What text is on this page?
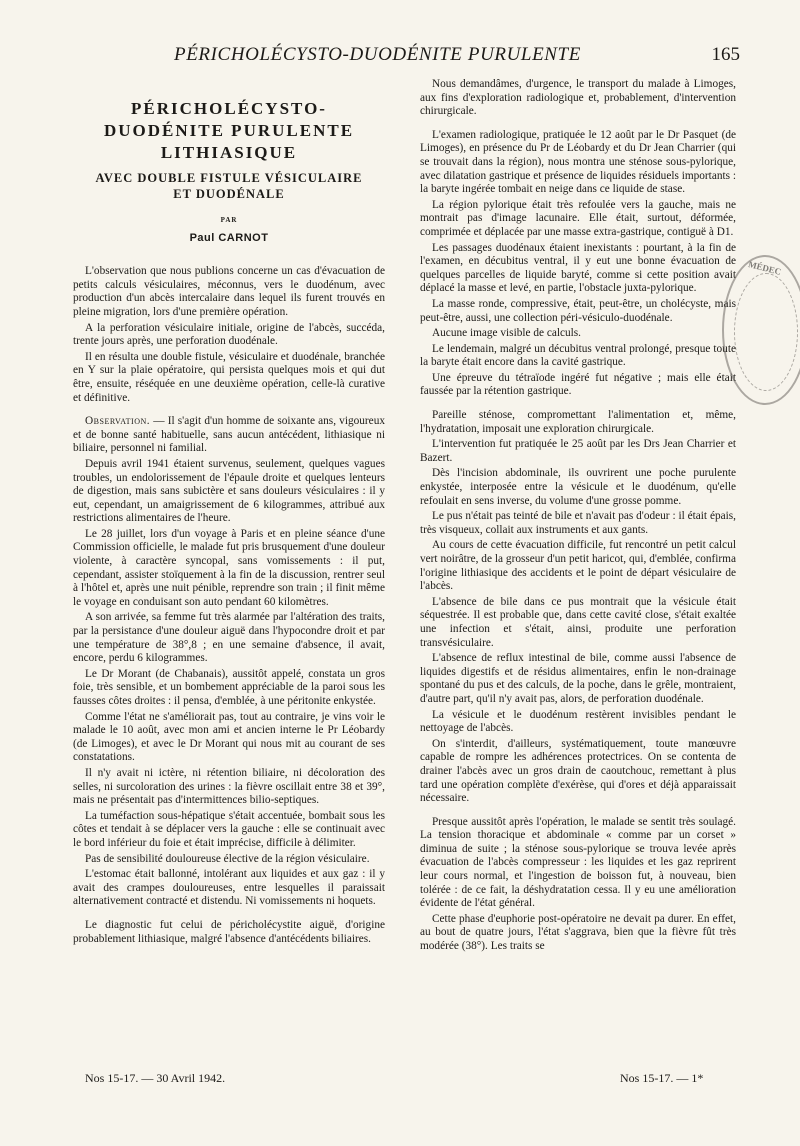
PÉRICHOLÉCYSTO-DUODÉNITE PURULENTE	165
PÉRICHOLÉCYSTO-
DUODÉNITE PURULENTE
LITHIASIQUE
AVEC DOUBLE FISTULE VÉSICULAIRE
ET DUODÉNALE
PAR
Paul CARNOT

L'observation que nous publions concerne un cas d'évacuation de petits calculs vésiculaires, méconnus, vers le duodénum, avec production d'un abcès intercalaire dans lequel ils furent trouvés en pleine migration, lors d'une première opération.

A la perforation vésiculaire initiale, origine de l'abcès, succéda, trente jours après, une perforation duodénale.

Il en résulta une double fistule, vésiculaire et duodénale, branchée en Y sur la plaie opératoire, qui persista quelques mois et qui dut être, ensuite, réséquée en une deuxième opération, celle-là curative et définitive.

Observation. — Il s'agit d'un homme de soixante ans, vigoureux et de bonne santé habituelle, sans aucun antécédent, lithiasique ni biliaire, personnel ni familial.

Depuis avril 1941 étaient survenus, seulement, quelques vagues troubles, un endolorissement de l'épaule droite et quelques lenteurs de digestion, mais sans subictère et sans douleurs vésiculaires : il y eut, cependant, un amaigrissement de 6 kilogrammes, attribué aux restrictions alimentaires de l'heure.

Le 28 juillet, lors d'un voyage à Paris et en pleine séance d'une Commission officielle, le malade fut pris brusquement d'une douleur violente, à caractère syncopal, sans vomissements : il put, cependant, assister stoïquement à la fin de la discussion, rentrer seul à l'hôtel et, après une nuit pénible, reprendre son train ; il finit même le voyage en conduisant son auto pendant 60 kilomètres.

A son arrivée, sa femme fut très alarmée par l'altération des traits, par la persistance d'une douleur aiguë dans l'hypocondre droit et par une température de 38°,8 ; en une semaine d'absence, il avait, encore, perdu 6 kilogrammes.

Le Dr Morant (de Chabanais), aussitôt appelé, constata un gros foie, très sensible, et un bombement appréciable de la paroi sous les fausses côtes droites : il pensa, d'emblée, à une péritonite enkystée.

Comme l'état ne s'améliorait pas, tout au contraire, je vins voir le malade le 10 août, avec mon ami et ancien interne le Pr Léobardy (de Limoges), et avec le Dr Morant qui nous mit au courant de ses constatations.

Il n'y avait ni ictère, ni rétention biliaire, ni décoloration des selles, ni surcoloration des urines : la fièvre oscillait entre 38 et 39°, mais ne présentait pas d'intermittences bilio-septiques.

La tuméfaction sous-hépatique s'était accentuée, bombait sous les côtes et tendait à se déplacer vers la gauche : elle se continuait avec le bord inférieur du foie et était imprécise, difficile à délimiter.

Pas de sensibilité douloureuse élective de la région vésiculaire.

L'estomac était ballonné, intolérant aux liquides et aux gaz : il y avait des crampes douloureuses, entre lesquelles il paraissait alternativement contracté et distendu. Ni vomissements ni hoquets.

Le diagnostic fut celui de péricholécystite aiguë, d'origine probablement lithiasique, malgré l'absence d'antécédents biliaires.

Nous demandâmes, d'urgence, le transport du malade à Limoges, aux fins d'exploration radiologique et, probablement, d'intervention chirurgicale.

L'examen radiologique, pratiquée le 12 août par le Dr Pasquet (de Limoges), en présence du Pr de Léobardy et du Dr Jean Charrier (qui se trouvait dans la région), nous montra une sténose sous-pylorique, avec dilatation gastrique et présence de liquides résiduels importants : la baryte ingérée tombait en neige dans ce liquide de stase.

La région pylorique était très refoulée vers la gauche, mais ne montrait pas d'image lacunaire. Elle était, surtout, déformée, comprimée et déplacée par une masse extra-gastrique, contiguë à D1.

Les passages duodénaux étaient inexistants : pourtant, à la fin de l'examen, en décubitus ventral, il y eut une bonne évacuation de quelques parcelles de liquide baryté, comme si cette position avait déplacé la masse et levé, en partie, l'obstacle juxta-pylorique.

La masse ronde, compressive, était, peut-être, un cholécyste, mais peut-être, aussi, une collection péri-vésiculo-duodénale.

Aucune image visible de calculs.

Le lendemain, malgré un décubitus ventral prolongé, presque toute la baryte était encore dans la cavité gastrique.

Une épreuve du tétraïode ingéré fut négative ; mais elle était faussée par la rétention gastrique.

Pareille sténose, compromettant l'alimentation et, même, l'hydratation, imposait une exploration chirurgicale.

L'intervention fut pratiquée le 25 août par les Drs Jean Charrier et Bazert.

Dès l'incision abdominale, ils ouvrirent une poche purulente enkystée, interposée entre la vésicule et le duodénum, qu'elle refoulait en sens inverse, du volume d'une grosse pomme.

Le pus n'était pas teinté de bile et n'avait pas d'odeur : il était épais, très visqueux, collait aux instruments et aux gants.

Au cours de cette évacuation difficile, fut rencontré un petit calcul vert noirâtre, de la grosseur d'un petit haricot, qui, d'emblée, confirma l'origine lithiasique des accidents et le point de départ vésiculaire de l'abcès.

L'absence de bile dans ce pus montrait que la vésicule était séquestrée. Il est probable que, dans cette cavité close, s'était exaltée une infection et s'était, ainsi, produite une perforation transvésiculaire.

L'absence de reflux intestinal de bile, comme aussi l'absence de liquides digestifs et de résidus alimentaires, enfin le non-drainage spontané du pus et des calculs, de la poche, dans le grêle, montraient, d'autre part, qu'il n'y avait pas, alors, de perforation duodénale.

La vésicule et le duodénum restèrent invisibles pendant le nettoyage de l'abcès.

On s'interdit, d'ailleurs, systématiquement, toute manœuvre capable de rompre les adhérences protectrices. On se contenta de drainer l'abcès avec un gros drain de caoutchouc, remettant à plus tard une opération complète d'exérèse, qui d'ores et déjà apparaissait nécessaire.

Presque aussitôt après l'opération, le malade se sentit très soulagé. La tension thoracique et abdominale « comme par un corset » diminua de suite ; la sténose sous-pylorique se trouva levée après évacuation de l'abcès compresseur : les liquides et les gaz reprirent leur cours normal, et l'ingestion de boisson fut, à nouveau, bien tolérée : de ce fait, la déshydratation cessa. Il y eu une amélioration évidente de l'état général.

Cette phase d'euphorie post-opératoire ne devait pa durer. En effet, au bout de quatre jours, l'état s'aggrava, bien que la fièvre fût très modérée (38°). Les traits se

MÉDEC
Nos 15-17. — 30 Avril 1942.	Nos 15-17. — 1*
